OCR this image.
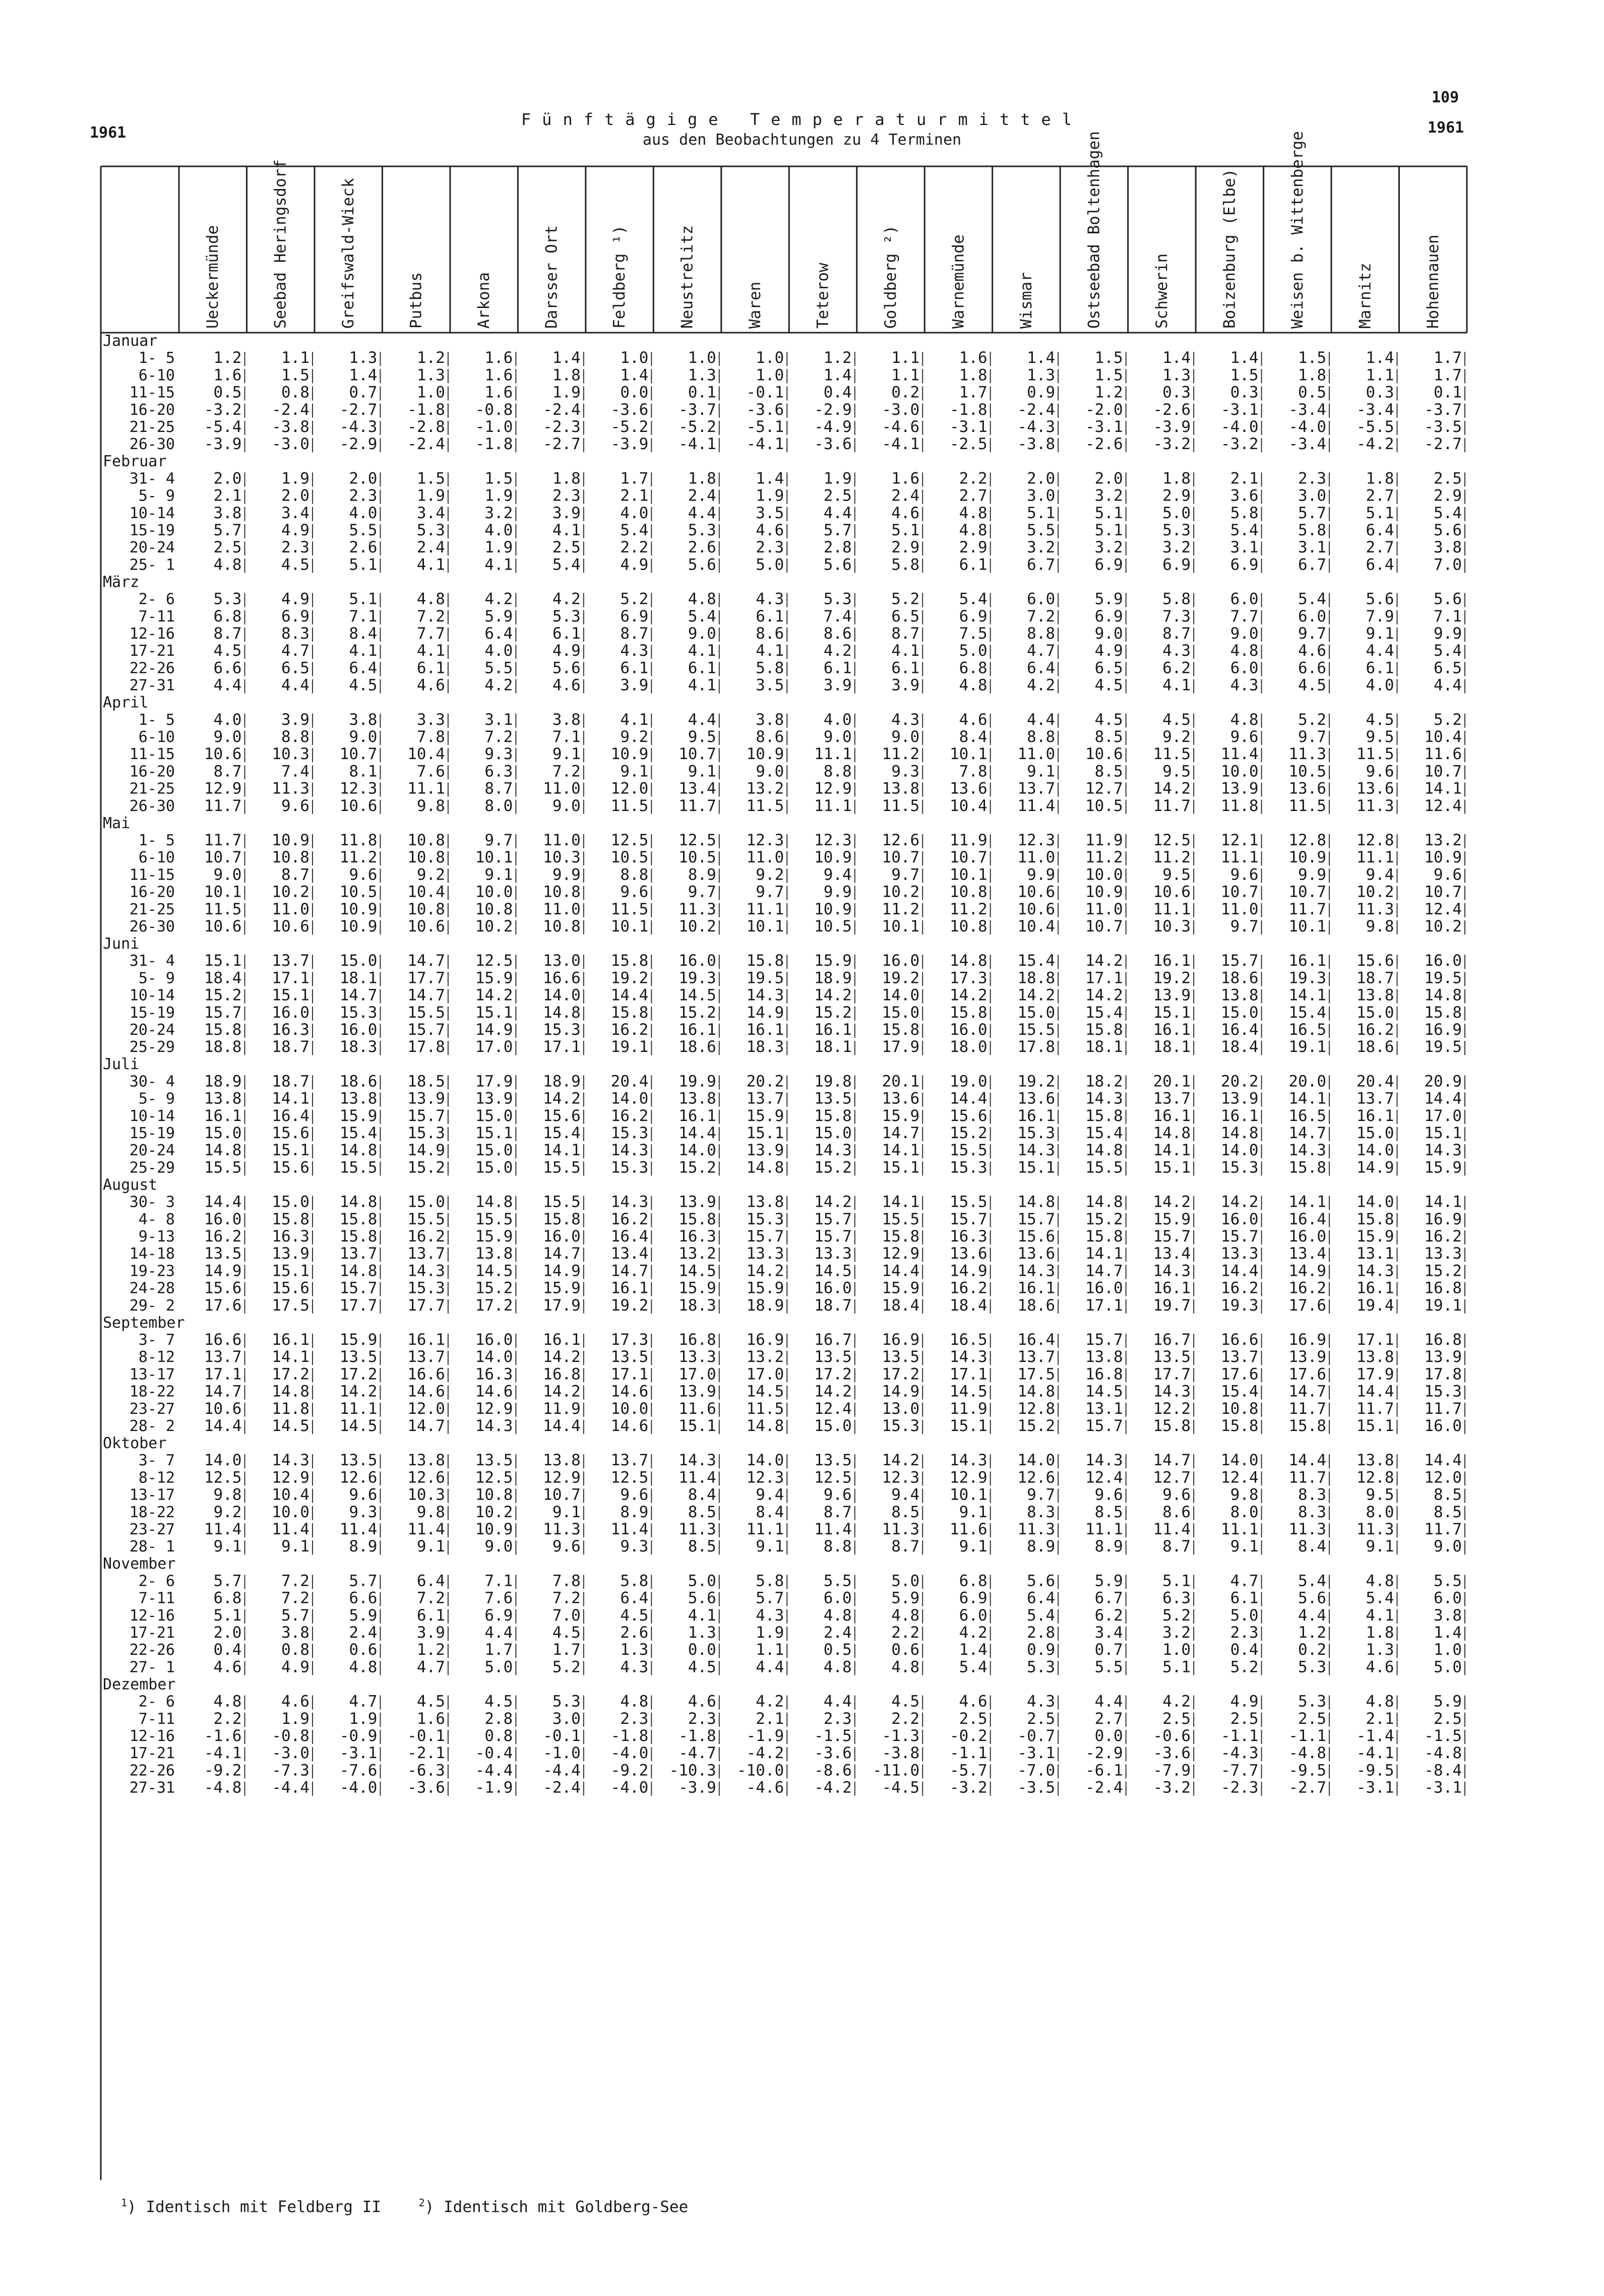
109
1961	1961
Fünftägige Temperaturmittel
aus den Beobachtungen zu 4 Terminen
Ueckermünde	Seebad Heringsdorf	Greifswald-Wieck	Putbus	Arkona	Darsser Ort	Feldberg ¹)	Neustrelitz	Waren	Teterow	Goldberg ²)	Warnemünde	Wismar	Ostseebad Boltenhagen	Schwerin	Boizenburg (Elbe)	Weisen b. Wittenberge	Marnitz	Hohennauen
Januar
1- 5 1.2	1.1	1.3	1.2	1.6	1.4	1.0	1.0	1.0	1.2	1.1	1.6	1.4	1.5	1.4	1.4	1.5	1.4	1.7
6-10 1.6	1.5	1.4	1.3	1.6	1.8	1.4	1.3	1.0	1.4	1.1	1.8	1.3	1.5	1.3	1.5	1.8	1.1	1.7
11-15 0.5	0.8	0.7	1.0	1.6	1.9	0.0	0.1 -0.1	0.4	0.2	1.7	0.9	1.2	0.3	0.3	0.5	0.3	0.1
16-20 -3.2 -2.4 -2.7 -1.8 -0.8 -2.4 -3.6 -3.7 -3.6 -2.9 -3.0 -1.8 -2.4 -2.0 -2.6 -3.1 -3.4 -3.4 -3.7
21-25 -5.4 -3.8 -4.3 -2.8 -1.0 -2.3 -5.2 -5.2 -5.1 -4.9 -4.6 -3.1 -4.3 -3.1 -3.9 -4.0 -4.0 -5.5 -3.5
26-30 -3.9 -3.0 -2.9 -2.4 -1.8 -2.7 -3.9 -4.1 -4.1 -3.6 -4.1 -2.5 -3.8 -2.6 -3.2 -3.2 -3.4 -4.2 -2.7
Februar
31- 4 2.0	1.9	2.0	1.5	1.5	1.8	1.7	1.8	1.4	1.9	1.6	2.2	2.0	2.0	1.8	2.1	2.3	1.8	2.5
5- 9 2.1	2.0	2.3	1.9	1.9	2.3	2.1	2.4	1.9	2.5	2.4	2.7	3.0	3.2	2.9	3.6	3.0	2.7	2.9
10-14 3.8	3.4	4.0	3.4	3.2	3.9	4.0	4.4	3.5	4.4	4.6	4.8	5.1	5.1	5.0	5.8	5.7	5.1	5.4
15-19 5.7	4.9	5.5	5.3	4.0	4.1	5.4	5.3	4.6	5.7	5.1	4.8	5.5	5.1	5.3	5.4	5.8	6.4	5.6
20-24 2.5	2.3	2.6	2.4	1.9	2.5	2.2	2.6	2.3	2.8	2.9	2.9	3.2	3.2	3.2	3.1	3.1	2.7	3.8
25- 1 4.8	4.5	5.1	4.1	4.1	5.4	4.9	5.6	5.0	5.6	5.8	6.1	6.7	6.9	6.9	6.9	6.7	6.4	7.0
März
2- 6 5.3	4.9	5.1	4.8	4.2	4.2	5.2	4.8	4.3	5.3	5.2	5.4	6.0	5.9	5.8	6.0	5.4	5.6	5.6
7-11 6.8	6.9	7.1	7.2	5.9	5.3	6.9	5.4	6.1	7.4	6.5	6.9	7.2	6.9	7.3	7.7	6.0	7.9	7.1
12-16 8.7	8.3	8.4	7.7	6.4	6.1	8.7	9.0	8.6	8.6	8.7	7.5	8.8	9.0	8.7	9.0	9.7	9.1	9.9
17-21 4.5	4.7	4.1	4.1	4.0	4.9	4.3	4.1	4.1	4.2	4.1	5.0	4.7	4.9	4.3	4.8	4.6	4.4	5.4
22-26 6.6	6.5	6.4	6.1	5.5	5.6	6.1	6.1	5.8	6.1	6.1	6.8	6.4	6.5	6.2	6.0	6.6	6.1	6.5
27-31 4.4	4.4	4.5	4.6	4.2	4.6	3.9	4.1	3.5	3.9	3.9	4.8	4.2	4.5	4.1	4.3	4.5	4.0	4.4
April
1- 5 4.0	3.9	3.8	3.3	3.1	3.8	4.1	4.4	3.8	4.0	4.3	4.6	4.4	4.5	4.5	4.8	5.2	4.5	5.2
6-10 9.0	8.8	9.0	7.8	7.2	7.1	9.2	9.5	8.6	9.0	9.0	8.4	8.8	8.5	9.2	9.6	9.7	9.5 10.4
11-15 10.6 10.3 10.7 10.4	9.3	9.1 10.9 10.7 10.9 11.1 11.2 10.1 11.0 10.6 11.5 11.4 11.3 11.5 11.6
16-20 8.7	7.4	8.1	7.6	6.3	7.2	9.1	9.1	9.0	8.8	9.3	7.8	9.1	8.5	9.5 10.0 10.5	9.6 10.7
21-25 12.9 11.3 12.3 11.1	8.7 11.0 12.0 13.4 13.2 12.9 13.8 13.6 13.7 12.7 14.2 13.9 13.6 13.6 14.1
26-30 11.7	9.6 10.6	9.8	8.0	9.0 11.5 11.7 11.5 11.1 11.5 10.4 11.4 10.5 11.7 11.8 11.5 11.3 12.4
Mai
1- 5 11.7 10.9 11.8 10.8	9.7 11.0 12.5 12.5 12.3 12.3 12.6 11.9 12.3 11.9 12.5 12.1 12.8 12.8 13.2
6-10 10.7 10.8 11.2 10.8 10.1 10.3 10.5 10.5 11.0 10.9 10.7 10.7 11.0 11.2 11.2 11.1 10.9 11.1 10.9
11-15 9.0	8.7	9.6	9.2	9.1	9.9	8.8	8.9	9.2	9.4	9.7 10.1	9.9 10.0	9.5	9.6	9.9	9.4	9.6
16-20 10.1 10.2 10.5 10.4 10.0 10.8	9.6	9.7	9.7	9.9 10.2 10.8 10.6 10.9 10.6 10.7 10.7 10.2 10.7
21-25 11.5 11.0 10.9 10.8 10.8 11.0 11.5 11.3 11.1 10.9 11.2 11.2 10.6 11.0 11.1 11.0 11.7 11.3 12.4
26-30 10.6 10.6 10.9 10.6 10.2 10.8 10.1 10.2 10.1 10.5 10.1 10.8 10.4 10.7 10.3	9.7 10.1	9.8 10.2
Juni
31- 4 15.1 13.7 15.0 14.7 12.5 13.0 15.8 16.0 15.8 15.9 16.0 14.8 15.4 14.2 16.1 15.7 16.1 15.6 16.0
5- 9 18.4 17.1 18.1 17.7 15.9 16.6 19.2 19.3 19.5 18.9 19.2 17.3 18.8 17.1 19.2 18.6 19.3 18.7 19.5
10-14 15.2 15.1 14.7 14.7 14.2 14.0 14.4 14.5 14.3 14.2 14.0 14.2 14.2 14.2 13.9 13.8 14.1 13.8 14.8
15-19 15.7 16.0 15.3 15.5 15.1 14.8 15.8 15.2 14.9 15.2 15.0 15.8 15.0 15.4 15.1 15.0 15.4 15.0 15.8
20-24 15.8 16.3 16.0 15.7 14.9 15.3 16.2 16.1 16.1 16.1 15.8 16.0 15.5 15.8 16.1 16.4 16.5 16.2 16.9
25-29 18.8 18.7 18.3 17.8 17.0 17.1 19.1 18.6 18.3 18.1 17.9 18.0 17.8 18.1 18.1 18.4 19.1 18.6 19.5
Juli
30- 4 18.9 18.7 18.6 18.5 17.9 18.9 20.4 19.9 20.2 19.8 20.1 19.0 19.2 18.2 20.1 20.2 20.0 20.4 20.9
5- 9 13.8 14.1 13.8 13.9 13.9 14.2 14.0 13.8 13.7 13.5 13.6 14.4 13.6 14.3 13.7 13.9 14.1 13.7 14.4
10-14 16.1 16.4 15.9 15.7 15.0 15.6 16.2 16.1 15.9 15.8 15.9 15.6 16.1 15.8 16.1 16.1 16.5 16.1 17.0
15-19 15.0 15.6 15.4 15.3 15.1 15.4 15.3 14.4 15.1 15.0 14.7 15.2 15.3 15.4 14.8 14.8 14.7 15.0 15.1
20-24 14.8 15.1 14.8 14.9 15.0 14.1 14.3 14.0 13.9 14.3 14.1 15.5 14.3 14.8 14.1 14.0 14.3 14.0 14.3
25-29 15.5 15.6 15.5 15.2 15.0 15.5 15.3 15.2 14.8 15.2 15.1 15.3 15.1 15.5 15.1 15.3 15.8 14.9 15.9
August
30- 3 14.4 15.0 14.8 15.0 14.8 15.5 14.3 13.9 13.8 14.2 14.1 15.5 14.8 14.8 14.2 14.2 14.1 14.0 14.1
4- 8 16.0 15.8 15.8 15.5 15.5 15.8 16.2 15.8 15.3 15.7 15.5 15.7 15.7 15.2 15.9 16.0 16.4 15.8 16.9
9-13 16.2 16.3 15.8 16.2 15.9 16.0 16.4 16.3 15.7 15.7 15.8 16.3 15.6 15.8 15.7 15.7 16.0 15.9 16.2
14-18 13.5 13.9 13.7 13.7 13.8 14.7 13.4 13.2 13.3 13.3 12.9 13.6 13.6 14.1 13.4 13.3 13.4 13.1 13.3
19-23 14.9 15.1 14.8 14.3 14.5 14.9 14.7 14.5 14.2 14.5 14.4 14.9 14.3 14.7 14.3 14.4 14.9 14.3 15.2
24-28 15.6 15.6 15.7 15.3 15.2 15.9 16.1 15.9 15.9 16.0 15.9 16.2 16.1 16.0 16.1 16.2 16.2 16.1 16.8
29- 2 17.6 17.5 17.7 17.7 17.2 17.9 19.2 18.3 18.9 18.7 18.4 18.4 18.6 17.1 19.7 19.3 17.6 19.4 19.1
September
3- 7 16.6 16.1 15.9 16.1 16.0 16.1 17.3 16.8 16.9 16.7 16.9 16.5 16.4 15.7 16.7 16.6 16.9 17.1 16.8
8-12 13.7 14.1 13.5 13.7 14.0 14.2 13.5 13.3 13.2 13.5 13.5 14.3 13.7 13.8 13.5 13.7 13.9 13.8 13.9
13-17 17.1 17.2 17.2 16.6 16.3 16.8 17.1 17.0 17.0 17.2 17.2 17.1 17.5 16.8 17.7 17.6 17.6 17.9 17.8
18-22 14.7 14.8 14.2 14.6 14.6 14.2 14.6 13.9 14.5 14.2 14.9 14.5 14.8 14.5 14.3 15.4 14.7 14.4 15.3
23-27 10.6 11.8 11.1 12.0 12.9 11.9 10.0 11.6 11.5 12.4 13.0 11.9 12.8 13.1 12.2 10.8 11.7 11.7 11.7
28- 2 14.4 14.5 14.5 14.7 14.3 14.4 14.6 15.1 14.8 15.0 15.3 15.1 15.2 15.7 15.8 15.8 15.8 15.1 16.0
Oktober
3- 7 14.0 14.3 13.5 13.8 13.5 13.8 13.7 14.3 14.0 13.5 14.2 14.3 14.0 14.3 14.7 14.0 14.4 13.8 14.4
8-12 12.5 12.9 12.6 12.6 12.5 12.9 12.5 11.4 12.3 12.5 12.3 12.9 12.6 12.4 12.7 12.4 11.7 12.8 12.0
13-17 9.8 10.4	9.6 10.3 10.8 10.7	9.6	8.4	9.4	9.6	9.4 10.1	9.7	9.6	9.6	9.8	8.3	9.5	8.5
18-22 9.2 10.0	9.3	9.8 10.2	9.1	8.9	8.5	8.4	8.7	8.5	9.1	8.3	8.5	8.6	8.0	8.3	8.0	8.5
23-27 11.4 11.4 11.4 11.4 10.9 11.3 11.4 11.3 11.1 11.4 11.3 11.6 11.3 11.1 11.4 11.1 11.3 11.3 11.7
28- 1 9.1	9.1	8.9	9.1	9.0	9.6	9.3	8.5	9.1	8.8	8.7	9.1	8.9	8.9	8.7	9.1	8.4	9.1	9.0
November
2- 6 5.7	7.2	5.7	6.4	7.1	7.8	5.8	5.0	5.8	5.5	5.0	6.8	5.6	5.9	5.1	4.7	5.4	4.8	5.5
7-11 6.8	7.2	6.6	7.2	7.6	7.2	6.4	5.6	5.7	6.0	5.9	6.9	6.4	6.7	6.3	6.1	5.6	5.4	6.0
12-16 5.1	5.7	5.9	6.1	6.9	7.0	4.5	4.1	4.3	4.8	4.8	6.0	5.4	6.2	5.2	5.0	4.4	4.1	3.8
17-21 2.0	3.8	2.4	3.9	4.4	4.5	2.6	1.3	1.9	2.4	2.2	4.2	2.8	3.4	3.2	2.3	1.2	1.8	1.4
22-26 0.4	0.8	0.6	1.2	1.7	1.7	1.3	0.0	1.1	0.5	0.6	1.4	0.9	0.7	1.0	0.4	0.2	1.3	1.0
27- 1 4.6	4.9	4.8	4.7	5.0	5.2	4.3	4.5	4.4	4.8	4.8	5.4	5.3	5.5	5.1	5.2	5.3	4.6	5.0
Dezember
2- 6 4.8	4.6	4.7	4.5	4.5	5.3	4.8	4.6	4.2	4.4	4.5	4.6	4.3	4.4	4.2	4.9	5.3	4.8	5.9
7-11 2.2	1.9	1.9	1.6	2.8	3.0	2.3	2.3	2.1	2.3	2.2	2.5	2.5	2.7	2.5	2.5	2.5	2.1	2.5
12-16 -1.6 -0.8 -0.9 -0.1	0.8 -0.1 -1.8 -1.8 -1.9 -1.5 -1.3 -0.2 -0.7	0.0 -0.6 -1.1 -1.1 -1.4 -1.5
17-21 -4.1 -3.0 -3.1 -2.1 -0.4 -1.0 -4.0 -4.7 -4.2 -3.6 -3.8 -1.1 -3.1 -2.9 -3.6 -4.3 -4.8 -4.1 -4.8
22-26 -9.2 -7.3 -7.6 -6.3 -4.4 -4.4 -9.2 -10.3 -10.0 -8.6 -11.0 -5.7 -7.0 -6.1 -7.9 -7.7 -9.5 -9.5 -8.4
27-31 -4.8 -4.4 -4.0 -3.6 -1.9 -2.4 -4.0 -3.9 -4.6 -4.2 -4.5 -3.2 -3.5 -2.4 -3.2 -2.3 -2.7 -3.1 -3.1
$^1$) Identisch mit Feldberg II	$^2$) Identisch mit Goldberg-See
